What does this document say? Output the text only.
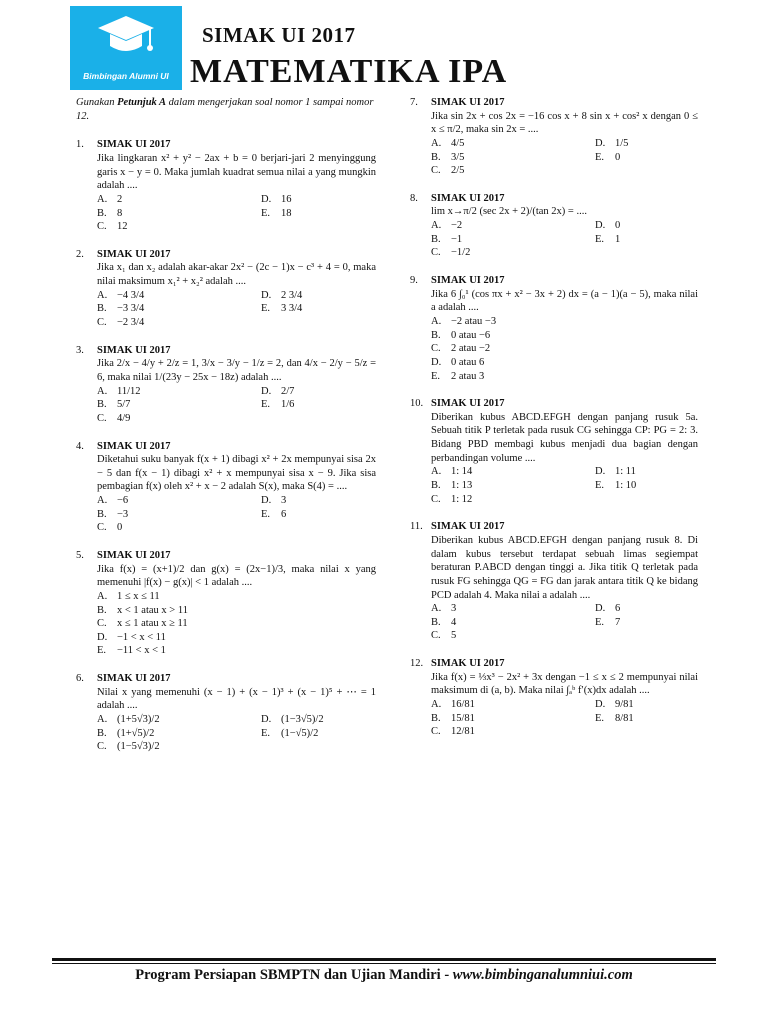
Bimbingan Alumni UI
SIMAK UI 2017
MATEMATIKA IPA
Gunakan Petunjuk A dalam mengerjakan soal nomor 1 sampai nomor 12.
1. SIMAK UI 2017
Jika lingkaran x² + y² − 2ax + b = 0 berjari-jari 2 menyinggung garis x − y = 0. Maka jumlah kuadrat semua nilai a yang mungkin adalah ....
A. 2	D. 16
B. 8	E.	18
C. 12
2. SIMAK UI 2017
Jika x₁ dan x₂ adalah akar-akar 2x² − (2c − 1)x − c³ + 4 = 0, maka nilai maksimum x₁² + x₂² adalah ....
A. −4 3/4	D. 2 3/4
B. −3 3/4	E.	3 3/4
C. −2 3/4
3. SIMAK UI 2017
Jika 2/x − 4/y + 2/z = 1, 3/x − 3/y − 1/z = 2, dan 4/x − 2/y − 5/z = 6, maka nilai 1/(23y − 25x − 18z) adalah ....
A. 11/12	D. 2/7
B. 5/7	E.	1/6
C. 4/9
4. SIMAK UI 2017
Diketahui suku banyak f(x + 1) dibagi x² + 2x mempunyai sisa 2x − 5 dan f(x − 1) dibagi x² + x mempunyai sisa x − 9. Jika sisa pembagian f(x) oleh x² + x − 2 adalah S(x), maka S(4) = ....
A. −6	D. 3
B. −3	E.	6
C. 0
5. SIMAK UI 2017
Jika f(x) = (x+1)/2 dan g(x) = (2x−1)/3, maka nilai x yang memenuhi |f(x) − g(x)| < 1 adalah ....
A. 1 ≤ x ≤ 11
B. x < 1 atau x > 11
C. x ≤ 1 atau x ≥ 11
D. −1 < x < 11
E.	−11 < x < 1
6. SIMAK UI 2017
Nilai x yang memenuhi (x − 1) + (x − 1)³ + (x − 1)⁵ + ⋯ = 1 adalah ....
A. (1+5√3)/2	D. (1−3√5)/2
B. (1+√5)/2	E.	(1−√5)/2
C. (1−5√3)/2
7. SIMAK UI 2017
Jika sin 2x + cos 2x = −16 cos x + 8 sin x + cos² x dengan 0 ≤ x ≤ π/2, maka sin 2x = ....
A. 4/5	D. 1/5
B. 3/5	E.	0
C. 2/5
8. SIMAK UI 2017
lim x→π/2 (sec 2x + 2)/(tan 2x) = ....
A. −2	D. 0
B. −1	E.	1
C. −1/2
9. SIMAK UI 2017
Jika 6 ∫₀¹ (cos πx + x² − 3x + 2) dx = (a − 1)(a − 5), maka nilai a adalah ....
A. −2 atau −3
B. 0 atau −6
C. 2 atau −2
D. 0 atau 6
E.	2 atau 3
10. SIMAK UI 2017
Diberikan kubus ABCD.EFGH dengan panjang rusuk 5a. Sebuah titik P terletak pada rusuk CG sehingga CP: PG = 2: 3. Bidang PBD membagi kubus menjadi dua bagian dengan perbandingan volume ....
A. 1: 14	D. 1: 11
B. 1: 13	E.	1: 10
C. 1: 12
11. SIMAK UI 2017
Diberikan kubus ABCD.EFGH dengan panjang rusuk 8. Di dalam kubus tersebut terdapat sebuah limas segiempat beraturan P.ABCD dengan tinggi a. Jika titik Q terletak pada rusuk FG sehingga QG = FG dan jarak antara titik Q ke bidang PCD adalah 4. Maka nilai a adalah ....
A. 3	D. 6
B. 4	E.	7
C. 5
12. SIMAK UI 2017
Jika f(x) = ⅓x³ − 2x² + 3x dengan −1 ≤ x ≤ 2 mempunyai nilai maksimum di (a, b). Maka nilai ∫ₐᵇ f′(x)dx adalah ....
A. 16/81	D. 9/81
B. 15/81	E.	8/81
C. 12/81
Program Persiapan SBMPTN dan Ujian Mandiri - www.bimbinganalumniui.com
